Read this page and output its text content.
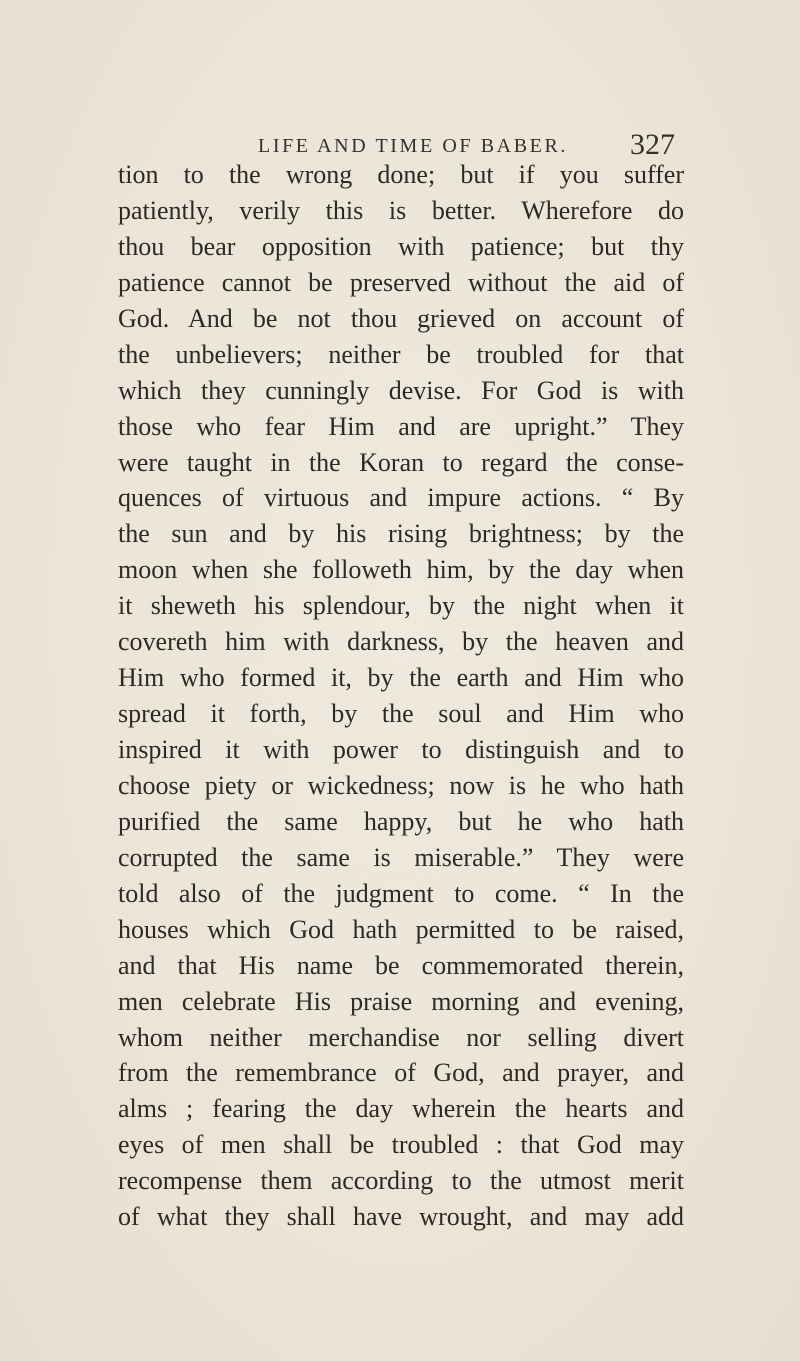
LIFE AND TIME OF BABER. 327
tion to the wrong done; but if you suffer
patiently, verily this is better. Wherefore do
thou bear opposition with patience; but thy
patience cannot be preserved without the aid of
God. And be not thou grieved on account of
the unbelievers; neither be troubled for that
which they cunningly devise. For God is with
those who fear Him and are upright.” They
were taught in the Koran to regard the conse-
quences of virtuous and impure actions. “ By
the sun and by his rising brightness; by the
moon when she followeth him, by the day when
it sheweth his splendour, by the night when it
covereth him with darkness, by the heaven and
Him who formed it, by the earth and Him who
spread it forth, by the soul and Him who
inspired it with power to distinguish and to
choose piety or wickedness; now is he who hath
purified the same happy, but he who hath
corrupted the same is miserable.” They were
told also of the judgment to come. “ In the
houses which God hath permitted to be raised,
and that His name be commemorated therein,
men celebrate His praise morning and evening,
whom neither merchandise nor selling divert
from the remembrance of God, and prayer, and
alms ; fearing the day wherein the hearts and
eyes of men shall be troubled : that God may
recompense them according to the utmost merit
of what they shall have wrought, and may add
